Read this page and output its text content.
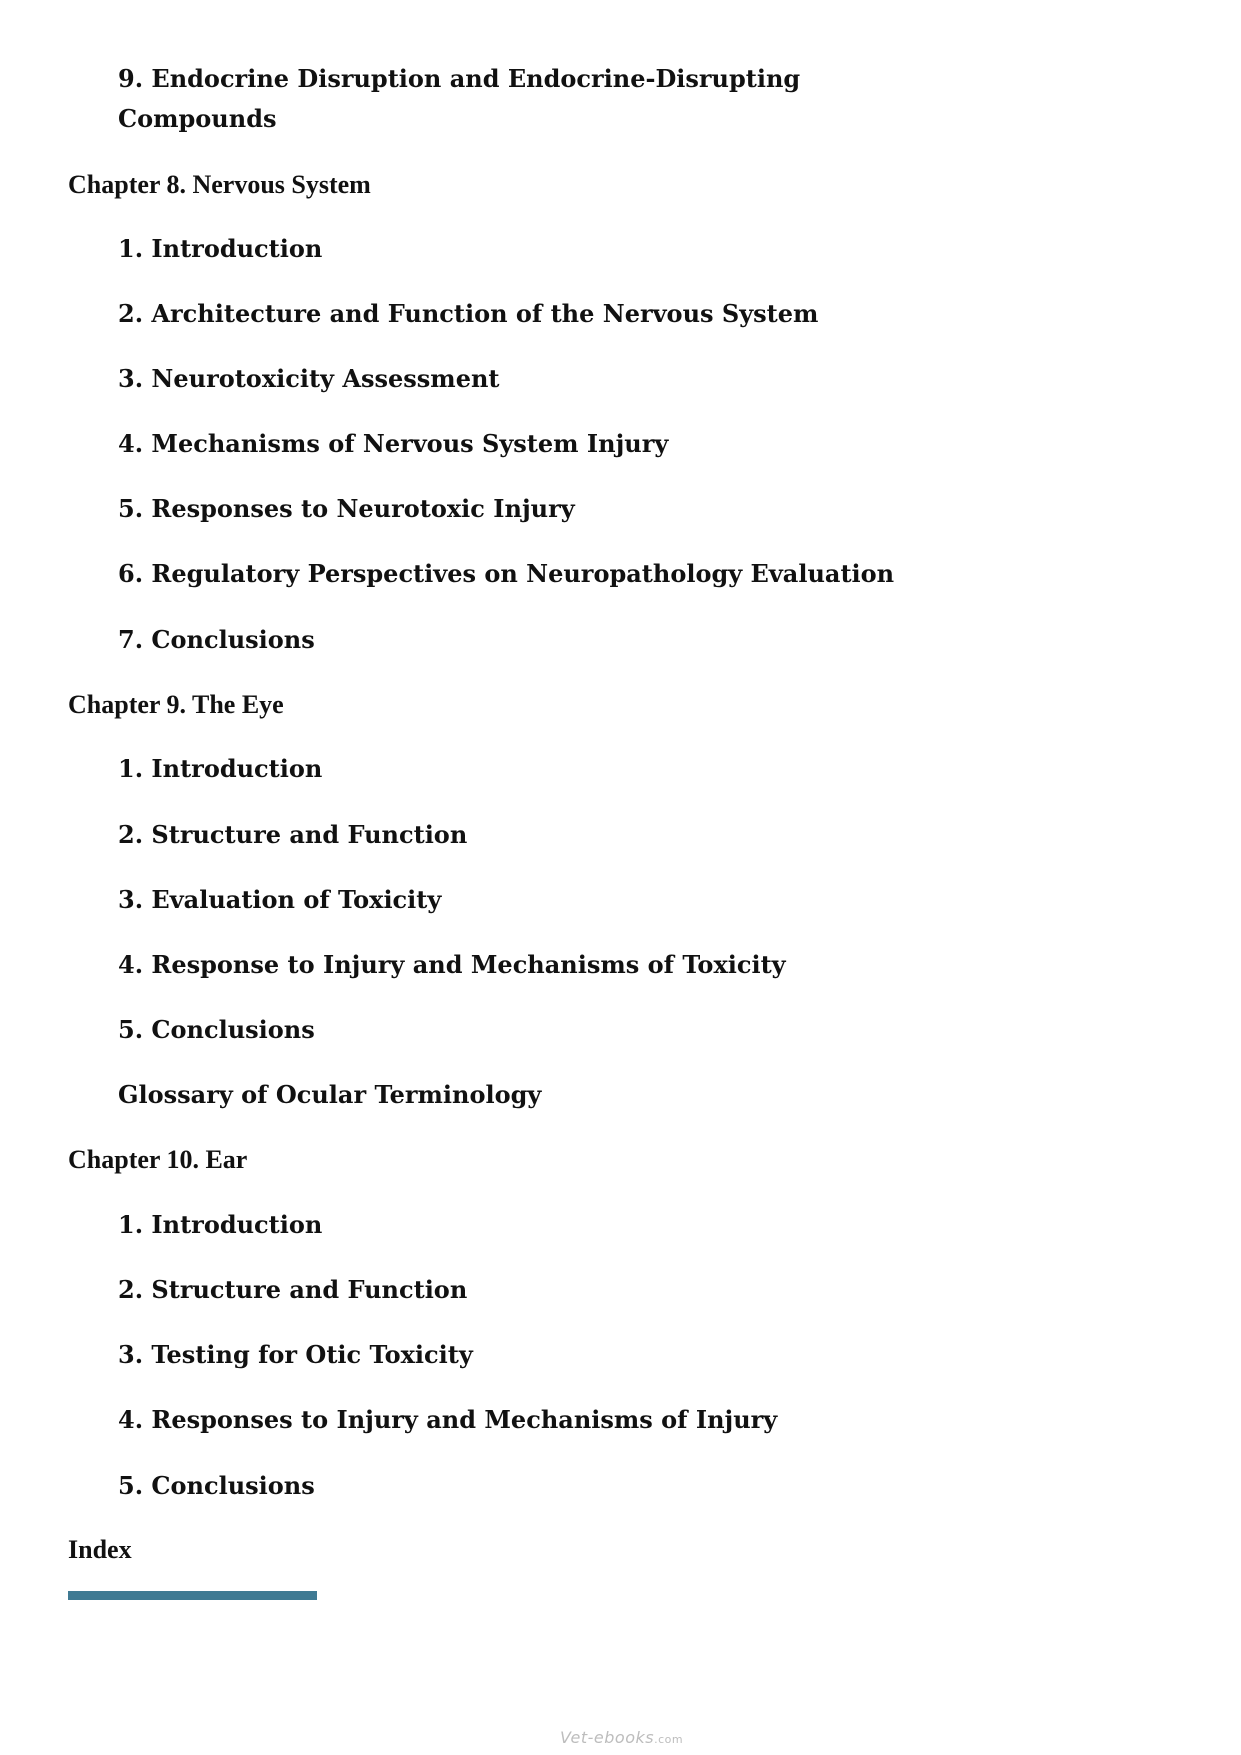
9. Endocrine Disruption and Endocrine-Disrupting
Compounds
Chapter 8. Nervous System
1. Introduction
2. Architecture and Function of the Nervous System
3. Neurotoxicity Assessment
4. Mechanisms of Nervous System Injury
5. Responses to Neurotoxic Injury
6. Regulatory Perspectives on Neuropathology Evaluation
7. Conclusions
Chapter 9. The Eye
1. Introduction
2. Structure and Function
3. Evaluation of Toxicity
4. Response to Injury and Mechanisms of Toxicity
5. Conclusions
Glossary of Ocular Terminology
Chapter 10. Ear
1. Introduction
2. Structure and Function
3. Testing for Otic Toxicity
4. Responses to Injury and Mechanisms of Injury
5. Conclusions
Index
Vet-ebooks.com
